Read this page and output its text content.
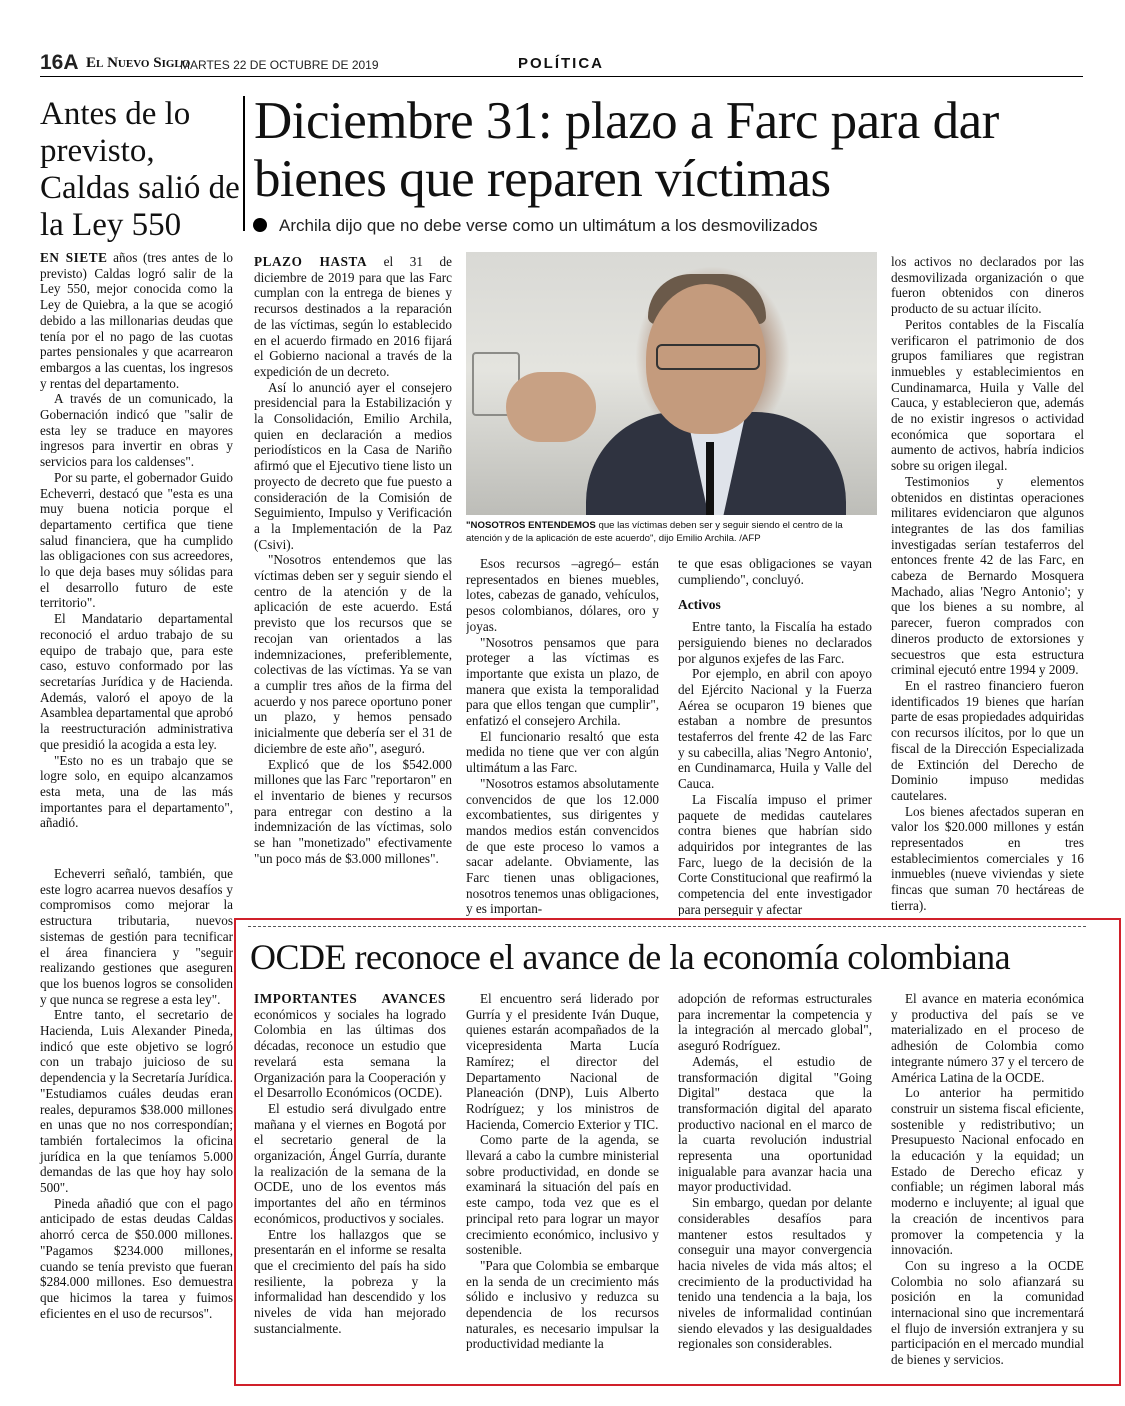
16A El Nuevo Siglo
MARTES 22 DE OCTUBRE DE 2019	POLÍTICA
Antes de lo previsto, Caldas salió de la Ley 550
Diciembre 31: plazo a Farc para dar bienes que reparen víctimas
Archila dijo que no debe verse como un ultimátum a los desmovilizados

EN SIETE años (tres antes de lo previsto) Caldas logró salir de la Ley 550, mejor conocida como la Ley de Quiebra, a la que se acogió debido a las millonarias deudas que tenía por el no pago de las cuotas partes pensionales y que acarrearon embargos a las cuentas, los ingresos y rentas del departamento.

A través de un comunicado, la Gobernación indicó que "salir de esta ley se traduce en mayores ingresos para invertir en obras y servicios para los caldenses".

Por su parte, el gobernador Guido Echeverri, destacó que "esta es una muy buena noticia porque el departamento certifica que tiene salud financiera, que ha cumplido las obligaciones con sus acreedores, lo que deja bases muy sólidas para el desarrollo futuro de este territorio".

El Mandatario departamental reconoció el arduo trabajo de su equipo de trabajo que, para este caso, estuvo conformado por las secretarías Jurídica y de Hacienda. Además, valoró el apoyo de la Asamblea departamental que aprobó la reestructuración administrativa que presidió la acogida a esta ley.

"Esto no es un trabajo que se logre solo, en equipo alcanzamos esta meta, una de las más importantes para el departamento", añadió.

Echeverri señaló, también, que este logro acarrea nuevos desafíos y compromisos como mejorar la estructura tributaria, nuevos sistemas de gestión para tecnificar el área financiera y "seguir realizando gestiones que aseguren que los buenos logros se consoliden y que nunca se regrese a esta ley".

Entre tanto, el secretario de Hacienda, Luis Alexander Pineda, indicó que este objetivo se logró con un trabajo juicioso de su dependencia y la Secretaría Jurídica. "Estudiamos cuáles deudas eran reales, depuramos $38.000 millones en unas que no nos correspondían; también fortalecimos la oficina jurídica en la que teníamos 5.000 demandas de las que hoy hay solo 500".

Pineda añadió que con el pago anticipado de estas deudas Caldas ahorró cerca de $50.000 millones. "Pagamos $234.000 millones, cuando se tenía previsto que fueran $284.000 millones. Eso demuestra que hicimos la tarea y fuimos eficientes en el uso de recursos".

PLAZO HASTA el 31 de diciembre de 2019 para que las Farc cumplan con la entrega de bienes y recursos destinados a la reparación de las víctimas, según lo establecido en el acuerdo firmado en 2016 fijará el Gobierno nacional a través de la expedición de un decreto.

Así lo anunció ayer el consejero presidencial para la Estabilización y la Consolidación, Emilio Archila, quien en declaración a medios periodísticos en la Casa de Nariño afirmó que el Ejecutivo tiene listo un proyecto de decreto que fue puesto a consideración de la Comisión de Seguimiento, Impulso y Verificación a la Implementación de la Paz (Csivi).

"Nosotros entendemos que las víctimas deben ser y seguir siendo el centro de la atención y de la aplicación de este acuerdo. Está previsto que los recursos que se recojan van orientados a las indemnizaciones, preferiblemente, colectivas de las víctimas. Ya se van a cumplir tres años de la firma del acuerdo y nos parece oportuno poner un plazo, y hemos pensado inicialmente que debería ser el 31 de diciembre de este año", aseguró.

Explicó que de los $542.000 millones que las Farc "reportaron" en el inventario de bienes y recursos para entregar con destino a la indemnización de las víctimas, solo se han "monetizado" efectivamente "un poco más de $3.000 millones".

"NOSOTROS ENTENDEMOS que las víctimas deben ser y seguir siendo el centro de la atención y de la aplicación de este acuerdo", dijo Emilio Archila. /AFP

Esos recursos –agregó– están representados en bienes muebles, lotes, cabezas de ganado, vehículos, pesos colombianos, dólares, oro y joyas.

"Nosotros pensamos que para proteger a las víctimas es importante que exista un plazo, de manera que exista la temporalidad para que ellos tengan que cumplir", enfatizó el consejero Archila.

El funcionario resaltó que esta medida no tiene que ver con algún ultimátum a las Farc.

"Nosotros estamos absolutamente convencidos de que los 12.000 excombatientes, sus dirigentes y mandos medios están convencidos de que este proceso lo vamos a sacar adelante. Obviamente, las Farc tienen unas obligaciones, nosotros tenemos unas obligaciones, y es importan-

te que esas obligaciones se vayan cumpliendo", concluyó.

Activos

Entre tanto, la Fiscalía ha estado persiguiendo bienes no declarados por algunos exjefes de las Farc.

Por ejemplo, en abril con apoyo del Ejército Nacional y la Fuerza Aérea se ocuparon 19 bienes que estaban a nombre de presuntos testaferros del frente 42 de las Farc y su cabecilla, alias 'Negro Antonio', en Cundinamarca, Huila y Valle del Cauca.

La Fiscalía impuso el primer paquete de medidas cautelares contra bienes que habrían sido adquiridos por integrantes de las Farc, luego de la decisión de la Corte Constitucional que reafirmó la competencia del ente investigador para perseguir y afectar

los activos no declarados por las desmovilizada organización o que fueron obtenidos con dineros producto de su actuar ilícito.

Peritos contables de la Fiscalía verificaron el patrimonio de dos grupos familiares que registran inmuebles y establecimientos en Cundinamarca, Huila y Valle del Cauca, y establecieron que, además de no existir ingresos o actividad económica que soportara el aumento de activos, habría indicios sobre su origen ilegal.

Testimonios y elementos obtenidos en distintas operaciones militares evidenciaron que algunos integrantes de las dos familias investigadas serían testaferros del entonces frente 42 de las Farc, en cabeza de Bernardo Mosquera Machado, alias 'Negro Antonio'; y que los bienes a su nombre, al parecer, fueron comprados con dineros producto de extorsiones y secuestros que esta estructura criminal ejecutó entre 1994 y 2009.

En el rastreo financiero fueron identificados 19 bienes que harían parte de esas propiedades adquiridas con recursos ilícitos, por lo que un fiscal de la Dirección Especializada de Extinción del Derecho de Dominio impuso medidas cautelares.

Los bienes afectados superan en valor los $20.000 millones y están representados en tres establecimientos comerciales y 16 inmuebles (nueve viviendas y siete fincas que suman 70 hectáreas de tierra).

OCDE reconoce el avance de la economía colombiana

IMPORTANTES AVANCES económicos y sociales ha logrado Colombia en las últimas dos décadas, reconoce un estudio que revelará esta semana la Organización para la Cooperación y el Desarrollo Económicos (OCDE).

El estudio será divulgado entre mañana y el viernes en Bogotá por el secretario general de la organización, Ángel Gurría, durante la realización de la semana de la OCDE, uno de los eventos más importantes del año en términos económicos, productivos y sociales.

Entre los hallazgos que se presentarán en el informe se resalta que el crecimiento del país ha sido resiliente, la pobreza y la informalidad han descendido y los niveles de vida han mejorado sustancialmente.

El encuentro será liderado por Gurría y el presidente Iván Duque, quienes estarán acompañados de la vicepresidenta Marta Lucía Ramírez; el director del Departamento Nacional de Planeación (DNP), Luis Alberto Rodríguez; y los ministros de Hacienda, Comercio Exterior y TIC.

Como parte de la agenda, se llevará a cabo la cumbre ministerial sobre productividad, en donde se examinará la situación del país en este campo, toda vez que es el principal reto para lograr un mayor crecimiento económico, inclusivo y sostenible.

"Para que Colombia se embarque en la senda de un crecimiento más sólido e inclusivo y reduzca su dependencia de los recursos naturales, es necesario impulsar la productividad mediante la

adopción de reformas estructurales para incrementar la competencia y la integración al mercado global", aseguró Rodríguez.

Además, el estudio de transformación digital "Going Digital" destaca que la transformación digital del aparato productivo nacional en el marco de la cuarta revolución industrial representa una oportunidad inigualable para avanzar hacia una mayor productividad.

Sin embargo, quedan por delante considerables desafíos para mantener estos resultados y conseguir una mayor convergencia hacia niveles de vida más altos; el crecimiento de la productividad ha tenido una tendencia a la baja, los niveles de informalidad continúan siendo elevados y las desigualdades regionales son considerables.

El avance en materia económica y productiva del país se ve materializado en el proceso de adhesión de Colombia como integrante número 37 y el tercero de América Latina de la OCDE.

Lo anterior ha permitido construir un sistema fiscal eficiente, sostenible y redistributivo; un Presupuesto Nacional enfocado en la educación y la equidad; un Estado de Derecho eficaz y confiable; un régimen laboral más moderno e incluyente; al igual que la creación de incentivos para promover la competencia y la innovación.

Con su ingreso a la OCDE Colombia no solo afianzará su posición en la comunidad internacional sino que incrementará el flujo de inversión extranjera y su participación en el mercado mundial de bienes y servicios.
